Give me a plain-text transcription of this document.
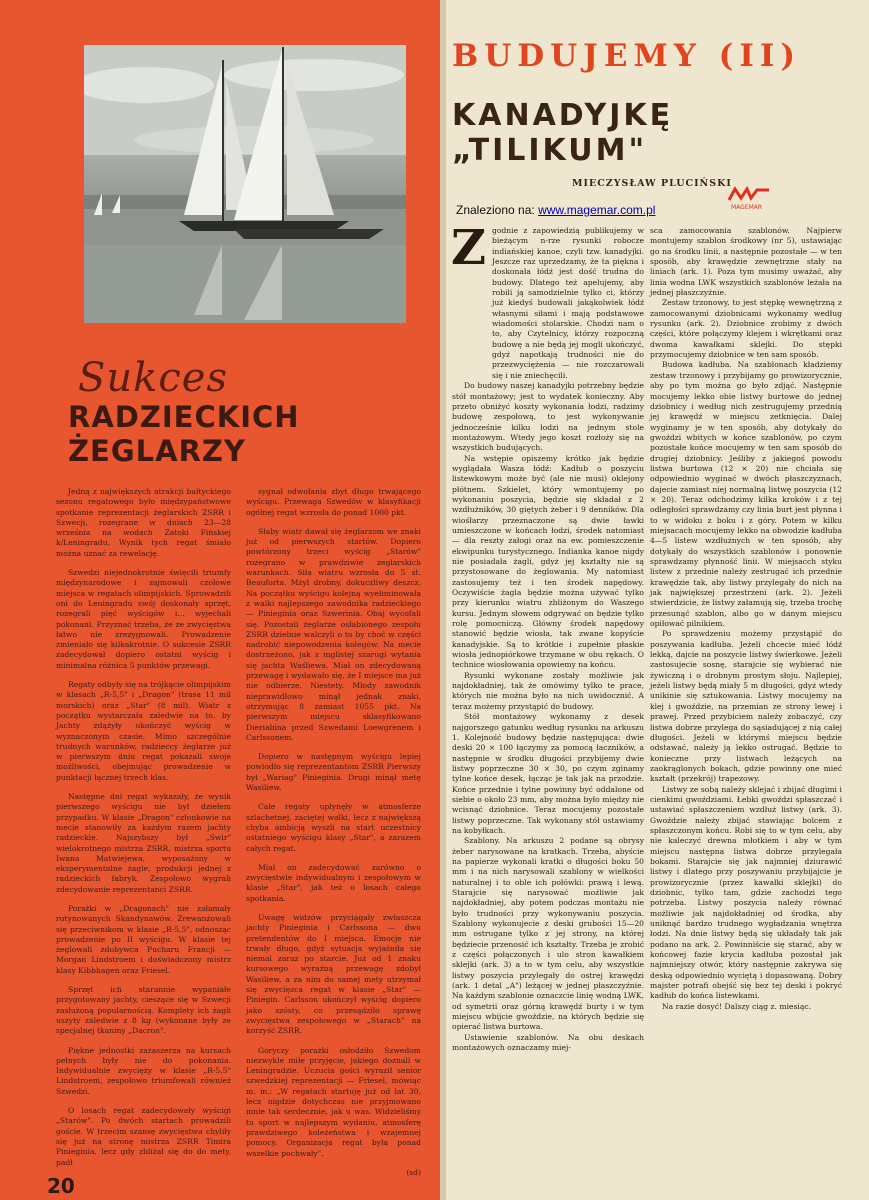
Sukces
RADZIECKICH ŻEGLARZY

Jedną z największych atrakcji bałtyckiego sezonu regatowego było międzypaństwowe spotkanie reprezentacji żeglarskich ZSRR i Szwecji, rozegrane w dniach 23—28 września na wodach Zatoki Fińskiej k/Leningradu. Wynik tych regat śmiało można uznać za rewelację.

Szwedzi niejednokrotnie święcili triumfy międzynarodowe i zajmowali czołowe miejsca w regatach olimpijskich. Sprowadzili oni do Leningradu swój doskonały sprzęt, rozegrali pięć wyścigów i... wyjechali pokonani. Przyznać trzeba, że ze zwycięstwa łatwo nie zrezygnowali. Prowadzenie zmieniało się kilkakrotnie. O sukcesie ZSRR zadecydował dopiero ostatni wyścig i minimalna różnica 5 punktów przewagi.

Regaty odbyły się na trójkącie olimpijskim w klasach „R-5,5" i „Dragon" (trasa 11 mil morskich) oraz „Star" (8 mil). Wiatr z początku wystarczała zaledwie na to, by Jachty zdążyły ukończyć wyścig w wyznaczonym czasie. Mimo szczególnie trudnych warunków, radzieccy żeglarze już w pierwszym dniu regat pokazali swoje możliwości, obejmując prowadzenie w punktacji łącznej trzech klas.

Następne dni regat wykazały, że wynik pierwszego wyścigu nie był dziełem przypadku. W klasie „Dragon" członkowie na mecie stanowiły za każdym razem jachty radzieckie. Najszybszy był „Swir" wielokrotnego mistrza ZSRR, mistrza sportu Iwana Matwiejewa, wyposażony w eksperymentalne żagle, produkcji jednej z radzieckich fabryk. Zespołowo wygrali zdecydowanie reprezentanci ZSRR.

Porażki w „Dragonach" nie załamały rutynowanych Skandynawów. Zrewanżowali się przeciwnikom w klasie „R-5,5", odnosząc prowadzenie po II wyścigu. W klasie tej żeglowali zdobywca Pucharu Francji — Morgan Lindstroem i doświadczony mistrz klasy Kibbhagen oraz Friesel.

Sprzęt ich starannie wypaniałe przygotowany jachty, cieszące się w Szwecji zasłużoną popularnością. Komplety ich żagli uszyty zaledwie z 8 kg (wykonane były ze specjalnej tkaniny „Dacron".

Piękne jednostki zażaszerza na kursach pełnych były nie do pokonania. Indywidualnie zwycięży w klasie „R-5,5" Lindstroem, zespołowo triumfowali również Szwedzi.

O losach regat zadecydowały wyścigi „Starów". Po dwóch startach prowadzili goście. W trzecim szansę zwycięstwa chyliły się już na stronę mistrza ZSRR Timira Pinieginia, lecz gdy zbliżał się do do mety, padł

sygnał odwołania zbyt długo trwającego wyścigu. Przewaga Szwedów w klasyfikacji ogólnej regat wzrosła do ponad 1000 pkt.

Słaby wiatr dawał się żeglarzom we znaki już od pierwszych startów. Dopiero powtórzony trzeci wyścig „Starów" rozegrano w prawdziwie żeglarskich warunkach. Siła wiatru wzrosła do 5 st. Beauforta. Mżył drobny, dokuczliwy deszcz. Na początku wyścigu kolejną wyeliminowała z walki najlepszego zawodnika radzieckiego — Pinieginia oraz Szwerinia. Obaj wycofali się. Pozostali żeglarze osłabionego zespołu ZSRR dzielnie walczyli o to by choć w części nadrobić niepowodzenia kolegów. Na mecie dostrzeżono, jak z mglistej szarugi wytania się jachta Waśliewa. Miał on zdecydowaną przewagę i wydawało się, że I miejsce ma już nie odbierze. Niestety. Młody zawodnik nieprawidłowo minął jednak znaki, otrzymując 8 zamiast 1055 pkt. Na pierwszym miejscu sklasyfikowano Dieriabina przed Szwedami Loewgrenem i Carlssonem.

Dopiero w następnym wyścigu lepiej powiodło się reprezentantom ZSRR Pierwszy był „Wariag" Pinieginia. Drugi minął metę Wasiliew.

Całe regaty upłynęły w atmosferze szlachetnej, zaciętej walki, lecz z największą chyba ambicją wyszli na start uczestnicy ostatniego wyścigu klasy „Star", a zarazem całych regat.

Miał on zadecydować zarówno o zwycięstwie indywidualnym i zespołowym w klasie „Star", jak też o losach całego spotkania.

Uwagę widzów przyciągały zwłaszcza jachty Pinieginia i Carlssona — dwu pretendentów do I miejsca. Emocje nie trwały długo, gdyż sytuacja wyjaśniła się niemal zaraz po starcie. Już od 1 znaku kursowego wyraźną przewagę zdobył Wasiliew, a za nim do samej mety utrzymał się zwycięzca regat w klasie „Star" — Piniegin. Carlsson ukończył wyścig dopiero jako szósty, co przesądziło sprawę zwycięstwa zespołowego w „Starach" na korzyść ZSRR.

Goryczy porażki osłodziło Szwedom niezwykle miłe przyjęcie, jakiego doznali w Leningradzie. Uczucia gości wyraził senior szwedzkiej reprezentacji — Friesel, mówiąc m. in.: „W regatach startuję już od lat 30, lecz nigdzie dotychczas nie przyjmowano mnie tak serdecznie, jak u was. Widzieliśmy tu sport w najlepszym wydaniu, atmosferę prawdziwego koleżeństwa i wzajemnej pomocy. Organizacja regat była ponad wszelkie pochwały".

(sd)

20
BUDUJEMY (II)
KANADYJKĘ „TILIKUM"
MIECZYSŁAW PLUCIŃSKI
MAGEMAR
Znaleziono na: www.magemar.com.pl
Z godnie z zapowiedzią publikujemy w bieżącym n-rze rysunki robocze indiańskiej kanoe, czyli tzw. kanadyjki. Jeszcze raz uprzedzamy, że ta piękna i doskonała łódź jest dość trudna do budowy. Dlatego też apelujemy, aby robili ją samodzielnie tylko ci, którzy już kiedyś budowali jakąkolwiek łódź własnymi siłami i mają podstawowe wiadomości stolarskie. Chodzi nam o to, aby Czytelnicy, którzy rozpoczną budowę a nie będą jej mogli ukończyć, gdyż napotkają trudności nie do przezwyciężenia — nie rozczarowali się i nie zniechęcili.

Do budowy naszej kanadyjki potrzebny będzie stół montażowy; jest to wydatek konieczny. Aby przeto obniżyć koszty wykonania łodzi, radzimy budowę zespołową, to jest wykonywanie jednocześnie kilku łodzi na jednym stole montażowym. Wtedy jego koszt rozłoży się na wszystkich budujących.

Na wstępie opiszemy krótko jak będzie wyglądała Wasza łódź: Kadłub o poszyciu listewkowym może być (ale nie musi) oklejony płótnem. Szkielet, który wmontujemy po wykonaniu poszycia, będzie się składał z 2 wzdłużników, 30 giętych żeber i 9 denników. Dla wiośłarzy przeznaczone są dwie ławki umieszczone w końcach łodzi, środek natomiast — dla reszty załogi oraz na ew. pomieszczenie ekwipunku turystycznego. Indianka kanoe nigdy nie posiadała żagli, gdyż jej kształty nie są przystosowane do żeglowania. My natomiast zastosujemy też i ten środek napędowy. Oczywiście żagla będzie można używać tylko przy kierunku wiatru zbliżonym do Waszego kursu. Jednym słowem odgrywać on będzie tylko rolę pomocniczą. Główny środek napędowy stanowić będzie wiosła, tak zwane kopyście kanadyjskie. Są to krótkie i zupełnie płaskie wiosła jednopiórkowe trzymane w obu rękach. O technice wiosłowania opowiemy na końcu.

Rysunki wykonane zostały możliwie jak najdokładniej, tak że omówimy tylko te prace, których nie można było na nich uwidocznić. A teraz możemy przystąpić do budowy.

Stół montażowy wykonamy z desek najgorszego gatunku według rysunku na arkuszu 1. Kolejność budowy będzie następująca: dwie deski 20 × 100 łączymy za pomocą łaczników, a następnie w środku długości przybijemy dwie listwy poprzeczne 30 × 30, po czym zginamy tylne końce desek, łącząc je tak jak na przodzie. Końce przednie i tylne powinny być oddalone od siebie o około 23 mm, aby można było między nie wcisnąć dziobnice. Teraz mocujemy pozostałe listwy poprzeczne. Tak wykonany stół ustawiamy na kobyłkach.

Szablony. Na arkuszu 2 podane są obrysy żeber narysowane na kratkach. Trzeba, abyście na papierze wykonali kratki o długości boku 50 mm i na nich narysowali szablony w wielkości naturalnej i to oble ich połówki: prawą i lewą. Starajcie się narysować możliwie jak najdokładniej, aby potem podczas montażu nie było trudności przy wykonywaniu poszycia. Szablony wykonujecie z deski grubości 15—20 mm ostrugane tylko z jej strony, na której będziecie przenosić ich kształty. Trzeba je zrobić z części połączonych i ulo stron kawałkiem sklejki (ark. 3) a to w tym celu, aby wszystkie listwy poszycia przylegały do ostrej krawędzi (ark. 1 detal „A") leżącej w jednej płaszczyźnie. Na każdym szablonie oznaczcie linię wodną LWK, od symetrii oraz górną krawędź burty i w tym miejscu wbijcie gwoździe, na których będzie się opierać listwa burtowa.

Ustawienie szablonów. Na obu deskach montażowych oznaczamy miej-

sca zamocowania szablonów. Najpierw montujemy szablon środkowy (nr 5), ustawiając go na środku linii, a następnie pozostałe — w ten sposób, aby krawędzie zewnętrzne stały na liniach (ark. 1). Poza tym musimy uważać, aby linia wodna LWK wszystkich szablonów leżała na jednej płaszczyźnie.

Zestaw trzonowy, to jest stępkę wewnętrzną z zamocowanymi dziobnicami wykonamy według rysunku (ark. 2). Dziobnice zrobimy z dwóch części, które połączymy klejem i wkrętkami oraz dwoma kawałkami sklejki. Do stępki przymocujemy dziobnice w ten sam sposób.

Budowa kadłuba. Na szablonach kładziemy zestaw trzonowy i przybijamy go prowizorycznie, aby po tym można go było zdjąć. Następnie mocujemy lekko obie listwy burtowe do jednej dziobnicy i według nich zestrugujemy przednią jej krawędź w miejscu zetknięcia. Dalej wyginamy je w ten sposób, aby dotykały do gwoździ wbitych w końce szablonów, po czym pozostałe końce mocujemy w ten sam sposób do drugiej dziobnicy. Jeśliby z jakiegoś powodu listwa burtowa (12 × 20) nie chciała się odpowiednio wyginać w dwóch płaszczyznach, dajecie zamiast niej normalną listwę poszycia (12 × 20). Teraz odchodzimy kilka kroków i z tej odległości sprawdzamy czy linia burt jest płynna i to w widoku z boku i z góry. Potem w kilku miejsacach mocujemy lekko na obwodzie kadłuba 4—5 listew wzdłużnych w ten sposób, aby dotykały do wszystkich szablonów i ponownie sprawdzamy płynność linii. W miejsacch styku listew z przednie należy zestrugać ich przednie krawędzie tak, aby listwy przylegały do nich na jak największej przestrzeni (ark. 2). Jeżeli stwierdzicie, że listwy załamują się, trzeba trochę przesunąć szablon, albo go w danym miejscu opiłować pilnikiem.

Po sprawdzeniu możemy przystąpić do poszywania kadłuba. Jeżeli chcecie mieć łódź lekką, dajcie na poszycie listwy świerkowe. Jeżeli zastosujecie sosnę, starajcie się wybierać nie żywiczną i o drobnym prostym słoju. Najlepiej, jeżeli listwy będą miały 5 m długości, gdyż wtedy unikinie się sztukowania. Listwy mocujemy na klej i gwoździe, na przemian ze strony lewej i prawej. Przed przybiciem należy zobaczyć, czy listwa dobrze przylega do sąsiadującej z nią całej długości. Jeżeli w którymś miejscu będzie odstawać, należy ją lekko ostrugać. Będzie to konieczne przy listwach leżących na zaokrąglonych bokach, gdzie powinny one mieć kształt (przekrój) trapezowy.

Listwy ze sobą należy sklejać i zbijać długimi i cienkimi gwoździami. Łebki gwoździ spłaszczać i ustawiać spłaszczeniem wzdłuż listwy (ark. 3). Gwoździe należy zbijać stawiając bolcem z spłaszczonym końcu. Robi się to w tym celu, aby nie kaleczyć drewna młotkiem i aby w tym miejscu następna listwa dobrze przylegała bokami. Starajcie się jak najmniej dziurawić listwy i dlatego przy poszywaniu przybijajcie je prowizorycznie (przez kawałki sklejki) do dziobnic, tylko tam, gdzie zachodzi tego potrzeba. Listwy poszycia należy równać możliwie jak najdokładniej od środka, aby uniknąć bardzo trudnego wygładzania wnętrza łodzi. Na dnie listwy będą się układały tak jak podano na ark. 2. Powinniście się starać, aby w końcowej fazie krycia kadłuba pozostał jak najmniejszy otwór, który następnie zakrywa się deską odpowiednio wyciętą i dopasowaną. Dobry majster potrafi obejść się bez tej deski i pokryć kadłub do końca listewkami.

Na razie dosyć! Dalszy ciąg z. miesiąc.
